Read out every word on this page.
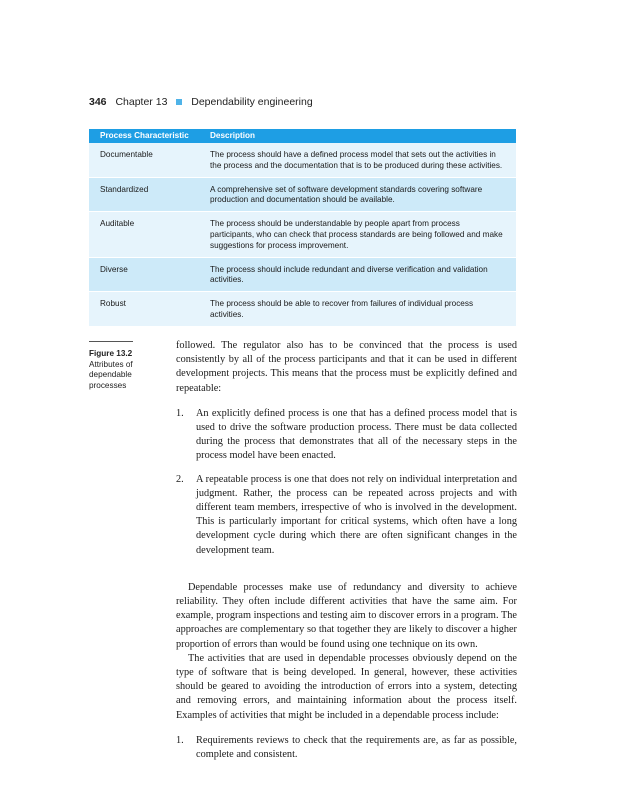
346 Chapter 13 Dependability engineering
Process Characteristic	Description
Documentable	The process should have a defined process model that sets out the activities in the process and the documentation that is to be produced during these activities.
Standardized	A comprehensive set of software development standards covering software production and documentation should be available.
Auditable	The process should be understandable by people apart from process participants, who can check that process standards are being followed and make suggestions for process improvement.
Diverse	The process should include redundant and diverse verification and validation activities.
Robust	The process should be able to recover from failures of individual process activities.
Figure 13.2
Attributes of dependable processes

followed. The regulator also has to be convinced that the process is used consistently by all of the process participants and that it can be used in different development projects. This means that the process must be explicitly defined and repeatable:

1.	An explicitly defined process is one that has a defined process model that is used to drive the software production process. There must be data collected during the process that demonstrates that all of the necessary steps in the process model have been enacted.
2.	A repeatable process is one that does not rely on individual interpretation and judgment. Rather, the process can be repeated across projects and with different team members, irrespective of who is involved in the development. This is particularly important for critical systems, which often have a long development cycle during which there are often significant changes in the development team.

Dependable processes make use of redundancy and diversity to achieve reliability. They often include different activities that have the same aim. For example, program inspections and testing aim to discover errors in a program. The approaches are complementary so that together they are likely to discover a higher proportion of errors than would be found using one technique on its own.

The activities that are used in dependable processes obviously depend on the type of software that is being developed. In general, however, these activities should be geared to avoiding the introduction of errors into a system, detecting and removing errors, and maintaining information about the process itself. Examples of activities that might be included in a dependable process include:

1.	Requirements reviews to check that the requirements are, as far as possible, complete and consistent.
